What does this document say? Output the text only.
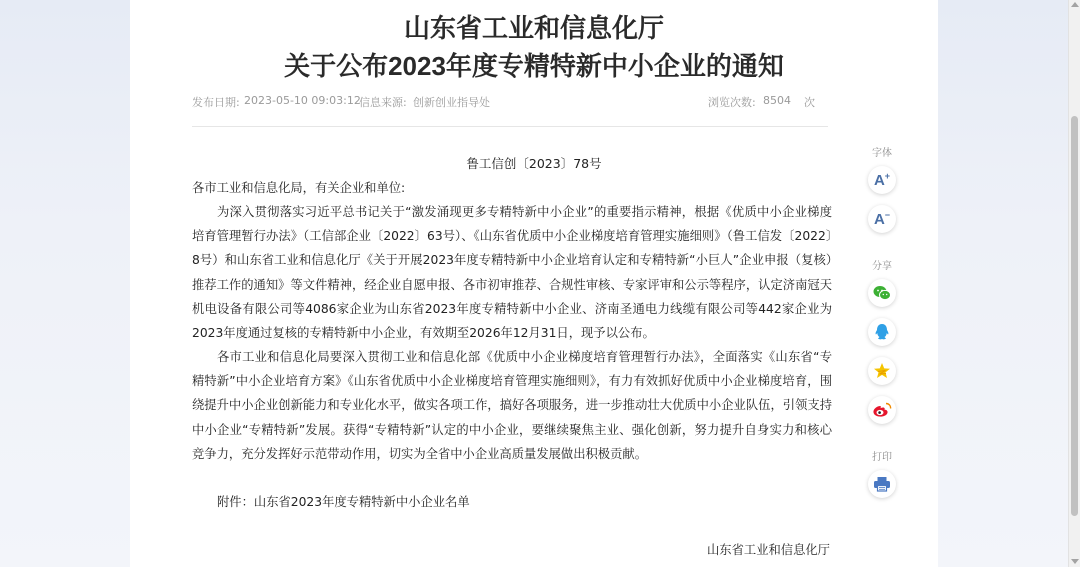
山东省工业和信息化厅
关于公布2023年度专精特新中小企业的通知
发布日期: 2023-05-10 09:03:12
信息来源: 创新创业指导处	浏览次数: 8504 次
鲁工信创〔2023〕78号

各市工业和信息化局，有关企业和单位:

为深入贯彻落实习近平总书记关于“激发涌现更多专精特新中小企业”的重要指示精神，根据《优质中小企业梯度培育管理暂行办法》（工信部企业〔2022〕63号）、《山东省优质中小企业梯度培育管理实施细则》（鲁工信发〔2022〕8号）和山东省工业和信息化厅《关于开展2023年度专精特新中小企业培育认定和专精特新“小巨人”企业申报（复核）推荐工作的通知》等文件精神，经企业自愿申报、各市初审推荐、合规性审核、专家评审和公示等程序，认定济南冠天机电设备有限公司等4086家企业为山东省2023年度专精特新中小企业、济南圣通电力线缆有限公司等442家企业为2023年度通过复核的专精特新中小企业，有效期至2026年12月31日，现予以公布。

各市工业和信息化局要深入贯彻工业和信息化部《优质中小企业梯度培育管理暂行办法》，全面落实《山东省“专精特新”中小企业培育方案》《山东省优质中小企业梯度培育管理实施细则》，有力有效抓好优质中小企业梯度培育，围绕提升中小企业创新能力和专业化水平，做实各项工作，搞好各项服务，进一步推动壮大优质中小企业队伍，引领支持中小企业“专精特新”发展。获得“专精特新”认定的中小企业，要继续聚焦主业、强化创新，努力提升自身实力和核心竞争力，充分发挥好示范带动作用，切实为全省中小企业高质量发展做出积极贡献。

附件：山东省2023年度专精特新中小企业名单
山东省工业和信息化厅
字体
A+
A−
分享
打印
